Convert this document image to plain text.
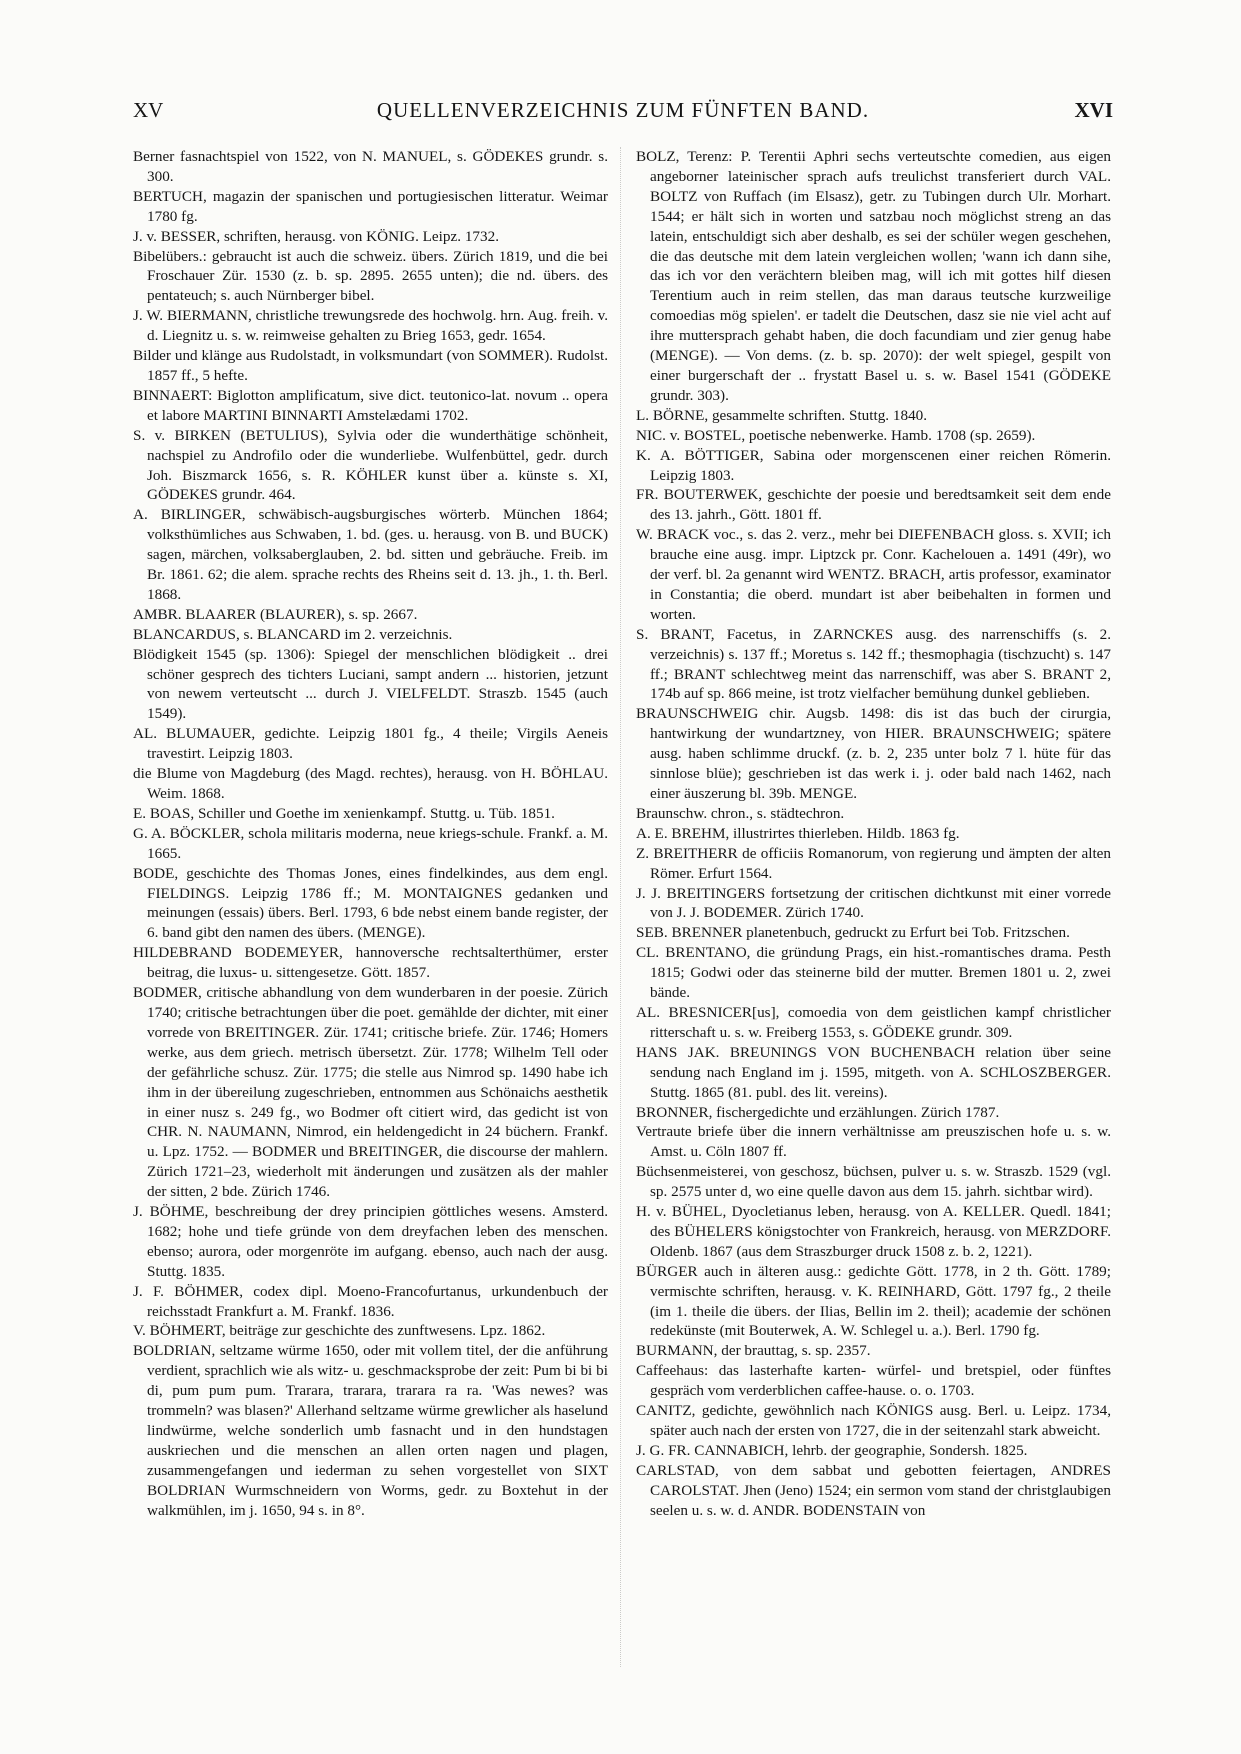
XV	QUELLENVERZEICHNIS ZUM FÜNFTEN BAND.	XVI

Berner fasnachtspiel von 1522, von N. MANUEL, s. GÖDEKES grundr. s. 300.

BERTUCH, magazin der spanischen und portugiesischen litteratur. Weimar 1780 fg.

J. v. BESSER, schriften, herausg. von KÖNIG. Leipz. 1732.

Bibelübers.: gebraucht ist auch die schweiz. übers. Zürich 1819, und die bei Froschauer Zür. 1530 (z. b. sp. 2895. 2655 unten); die nd. übers. des pentateuch; s. auch Nürnberger bibel.

J. W. BIERMANN, christliche trewungsrede des hochwolg. hrn. Aug. freih. v. d. Liegnitz u. s. w. reimweise gehalten zu Brieg 1653, gedr. 1654.

Bilder und klänge aus Rudolstadt, in volksmundart (von SOMMER). Rudolst. 1857 ff., 5 hefte.

BINNAERT: Biglotton amplificatum, sive dict. teutonico-lat. novum .. opera et labore MARTINI BINNARTI Amstelædami 1702.

S. v. BIRKEN (BETULIUS), Sylvia oder die wunderthätige schönheit, nachspiel zu Androfilo oder die wunderliebe. Wulfenbüttel, gedr. durch Joh. Biszmarck 1656, s. R. KÖHLER kunst über a. künste s. XI, GÖDEKES grundr. 464.

A. BIRLINGER, schwäbisch-augsburgisches wörterb. München 1864; volksthümliches aus Schwaben, 1. bd. (ges. u. herausg. von B. und BUCK) sagen, märchen, volksaberglauben, 2. bd. sitten und gebräuche. Freib. im Br. 1861. 62; die alem. sprache rechts des Rheins seit d. 13. jh., 1. th. Berl. 1868.

AMBR. BLAARER (BLAURER), s. sp. 2667.

BLANCARDUS, s. BLANCARD im 2. verzeichnis.

Blödigkeit 1545 (sp. 1306): Spiegel der menschlichen blödigkeit .. drei schöner gesprech des tichters Luciani, sampt andern ... historien, jetzunt von newem verteutscht ... durch J. VIELFELDT. Straszb. 1545 (auch 1549).

AL. BLUMAUER, gedichte. Leipzig 1801 fg., 4 theile; Virgils Aeneis travestirt. Leipzig 1803.

die Blume von Magdeburg (des Magd. rechtes), herausg. von H. BÖHLAU. Weim. 1868.

E. BOAS, Schiller und Goethe im xenienkampf. Stuttg. u. Tüb. 1851.

G. A. BÖCKLER, schola militaris moderna, neue kriegs-schule. Frankf. a. M. 1665.

BODE, geschichte des Thomas Jones, eines findelkindes, aus dem engl. FIELDINGS. Leipzig 1786 ff.; M. MONTAIGNES gedanken und meinungen (essais) übers. Berl. 1793, 6 bde nebst einem bande register, der 6. band gibt den namen des übers. (MENGE).

HILDEBRAND BODEMEYER, hannoversche rechtsalterthümer, erster beitrag, die luxus- u. sittengesetze. Gött. 1857.

BODMER, critische abhandlung von dem wunderbaren in der poesie. Zürich 1740; critische betrachtungen über die poet. gemählde der dichter, mit einer vorrede von BREITINGER. Zür. 1741; critische briefe. Zür. 1746; Homers werke, aus dem griech. metrisch übersetzt. Zür. 1778; Wilhelm Tell oder der gefährliche schusz. Zür. 1775; die stelle aus Nimrod sp. 1490 habe ich ihm in der übereilung zugeschrieben, entnommen aus Schönaichs aesthetik in einer nusz s. 249 fg., wo Bodmer oft citiert wird, das gedicht ist von CHR. N. NAUMANN, Nimrod, ein heldengedicht in 24 büchern. Frankf. u. Lpz. 1752. — BODMER und BREITINGER, die discourse der mahlern. Zürich 1721–23, wiederholt mit änderungen und zusätzen als der mahler der sitten, 2 bde. Zürich 1746.

J. BÖHME, beschreibung der drey principien göttliches wesens. Amsterd. 1682; hohe und tiefe gründe von dem dreyfachen leben des menschen. ebenso; aurora, oder morgenröte im aufgang. ebenso, auch nach der ausg. Stuttg. 1835.

J. F. BÖHMER, codex dipl. Moeno-Francofurtanus, urkundenbuch der reichsstadt Frankfurt a. M. Frankf. 1836.

V. BÖHMERT, beiträge zur geschichte des zunftwesens. Lpz. 1862.

BOLDRIAN, seltzame würme 1650, oder mit vollem titel, der die anführung verdient, sprachlich wie als witz- u. geschmacksprobe der zeit: Pum bi bi bi di, pum pum pum. Trarara, trarara, trarara ra ra. 'Was newes? was trommeln? was blasen?' Allerhand seltzame würme grewlicher als haselund lindwürme, welche sonderlich umb fasnacht und in den hundstagen auskriechen und die menschen an allen orten nagen und plagen, zusammengefangen und iederman zu sehen vorgestellet von SIXT BOLDRIAN Wurmschneidern von Worms, gedr. zu Boxtehut in der walkmühlen, im j. 1650, 94 s. in 8°.

BOLZ, Terenz: P. Terentii Aphri sechs verteutschte comedien, aus eigen angeborner lateinischer sprach aufs treulichst transferiert durch VAL. BOLTZ von Ruffach (im Elsasz), getr. zu Tubingen durch Ulr. Morhart. 1544; er hält sich in worten und satzbau noch möglichst streng an das latein, entschuldigt sich aber deshalb, es sei der schüler wegen geschehen, die das deutsche mit dem latein vergleichen wollen; 'wann ich dann sihe, das ich vor den verächtern bleiben mag, will ich mit gottes hilf diesen Terentium auch in reim stellen, das man daraus teutsche kurzweilige comoedias mög spielen'. er tadelt die Deutschen, dasz sie nie viel acht auf ihre muttersprach gehabt haben, die doch facundiam und zier genug habe (MENGE). — Von dems. (z. b. sp. 2070): der welt spiegel, gespilt von einer burgerschaft der .. frystatt Basel u. s. w. Basel 1541 (GÖDEKE grundr. 303).

L. BÖRNE, gesammelte schriften. Stuttg. 1840.

NIC. v. BOSTEL, poetische nebenwerke. Hamb. 1708 (sp. 2659).

K. A. BÖTTIGER, Sabina oder morgenscenen einer reichen Römerin. Leipzig 1803.

FR. BOUTERWEK, geschichte der poesie und beredtsamkeit seit dem ende des 13. jahrh., Gött. 1801 ff.

W. BRACK voc., s. das 2. verz., mehr bei DIEFENBACH gloss. s. XVII; ich brauche eine ausg. impr. Liptzck pr. Conr. Kachelouen a. 1491 (49r), wo der verf. bl. 2a genannt wird WENTZ. BRACH, artis professor, examinator in Constantia; die oberd. mundart ist aber beibehalten in formen und worten.

S. BRANT, Facetus, in ZARNCKES ausg. des narrenschiffs (s. 2. verzeichnis) s. 137 ff.; Moretus s. 142 ff.; thesmophagia (tischzucht) s. 147 ff.; BRANT schlechtweg meint das narrenschiff, was aber S. BRANT 2, 174b auf sp. 866 meine, ist trotz vielfacher bemühung dunkel geblieben.

BRAUNSCHWEIG chir. Augsb. 1498: dis ist das buch der cirurgia, hantwirkung der wundartzney, von HIER. BRAUNSCHWEIG; spätere ausg. haben schlimme druckf. (z. b. 2, 235 unter bolz 7 l. hüte für das sinnlose blüe); geschrieben ist das werk i. j. oder bald nach 1462, nach einer äuszerung bl. 39b. MENGE.

Braunschw. chron., s. städtechron.

A. E. BREHM, illustrirtes thierleben. Hildb. 1863 fg.

Z. BREITHERR de officiis Romanorum, von regierung und ämpten der alten Römer. Erfurt 1564.

J. J. BREITINGERS fortsetzung der critischen dichtkunst mit einer vorrede von J. J. BODEMER. Zürich 1740.

SEB. BRENNER planetenbuch, gedruckt zu Erfurt bei Tob. Fritzschen.

CL. BRENTANO, die gründung Prags, ein hist.-romantisches drama. Pesth 1815; Godwi oder das steinerne bild der mutter. Bremen 1801 u. 2, zwei bände.

AL. BRESNICER[us], comoedia von dem geistlichen kampf christlicher ritterschaft u. s. w. Freiberg 1553, s. GÖDEKE grundr. 309.

HANS JAK. BREUNINGS VON BUCHENBACH relation über seine sendung nach England im j. 1595, mitgeth. von A. SCHLOSZBERGER. Stuttg. 1865 (81. publ. des lit. vereins).

BRONNER, fischergedichte und erzählungen. Zürich 1787.

Vertraute briefe über die innern verhältnisse am preuszischen hofe u. s. w. Amst. u. Cöln 1807 ff.

Büchsenmeisterei, von geschosz, büchsen, pulver u. s. w. Straszb. 1529 (vgl. sp. 2575 unter d, wo eine quelle davon aus dem 15. jahrh. sichtbar wird).

H. v. BÜHEL, Dyocletianus leben, herausg. von A. KELLER. Quedl. 1841; des BÜHELERS königstochter von Frankreich, herausg. von MERZDORF. Oldenb. 1867 (aus dem Straszburger druck 1508 z. b. 2, 1221).

BÜRGER auch in älteren ausg.: gedichte Gött. 1778, in 2 th. Gött. 1789; vermischte schriften, herausg. v. K. REINHARD, Gött. 1797 fg., 2 theile (im 1. theile die übers. der Ilias, Bellin im 2. theil); academie der schönen redekünste (mit Bouterwek, A. W. Schlegel u. a.). Berl. 1790 fg.

BURMANN, der brauttag, s. sp. 2357.

Caffeehaus: das lasterhafte karten- würfel- und bretspiel, oder fünftes gespräch vom verderblichen caffee-hause. o. o. 1703.

CANITZ, gedichte, gewöhnlich nach KÖNIGS ausg. Berl. u. Leipz. 1734, später auch nach der ersten von 1727, die in der seitenzahl stark abweicht.

J. G. FR. CANNABICH, lehrb. der geographie, Sondersh. 1825.

CARLSTAD, von dem sabbat und gebotten feiertagen, ANDRES CAROLSTAT. Jhen (Jeno) 1524; ein sermon vom stand der christglaubigen seelen u. s. w. d. ANDR. BODENSTAIN von
